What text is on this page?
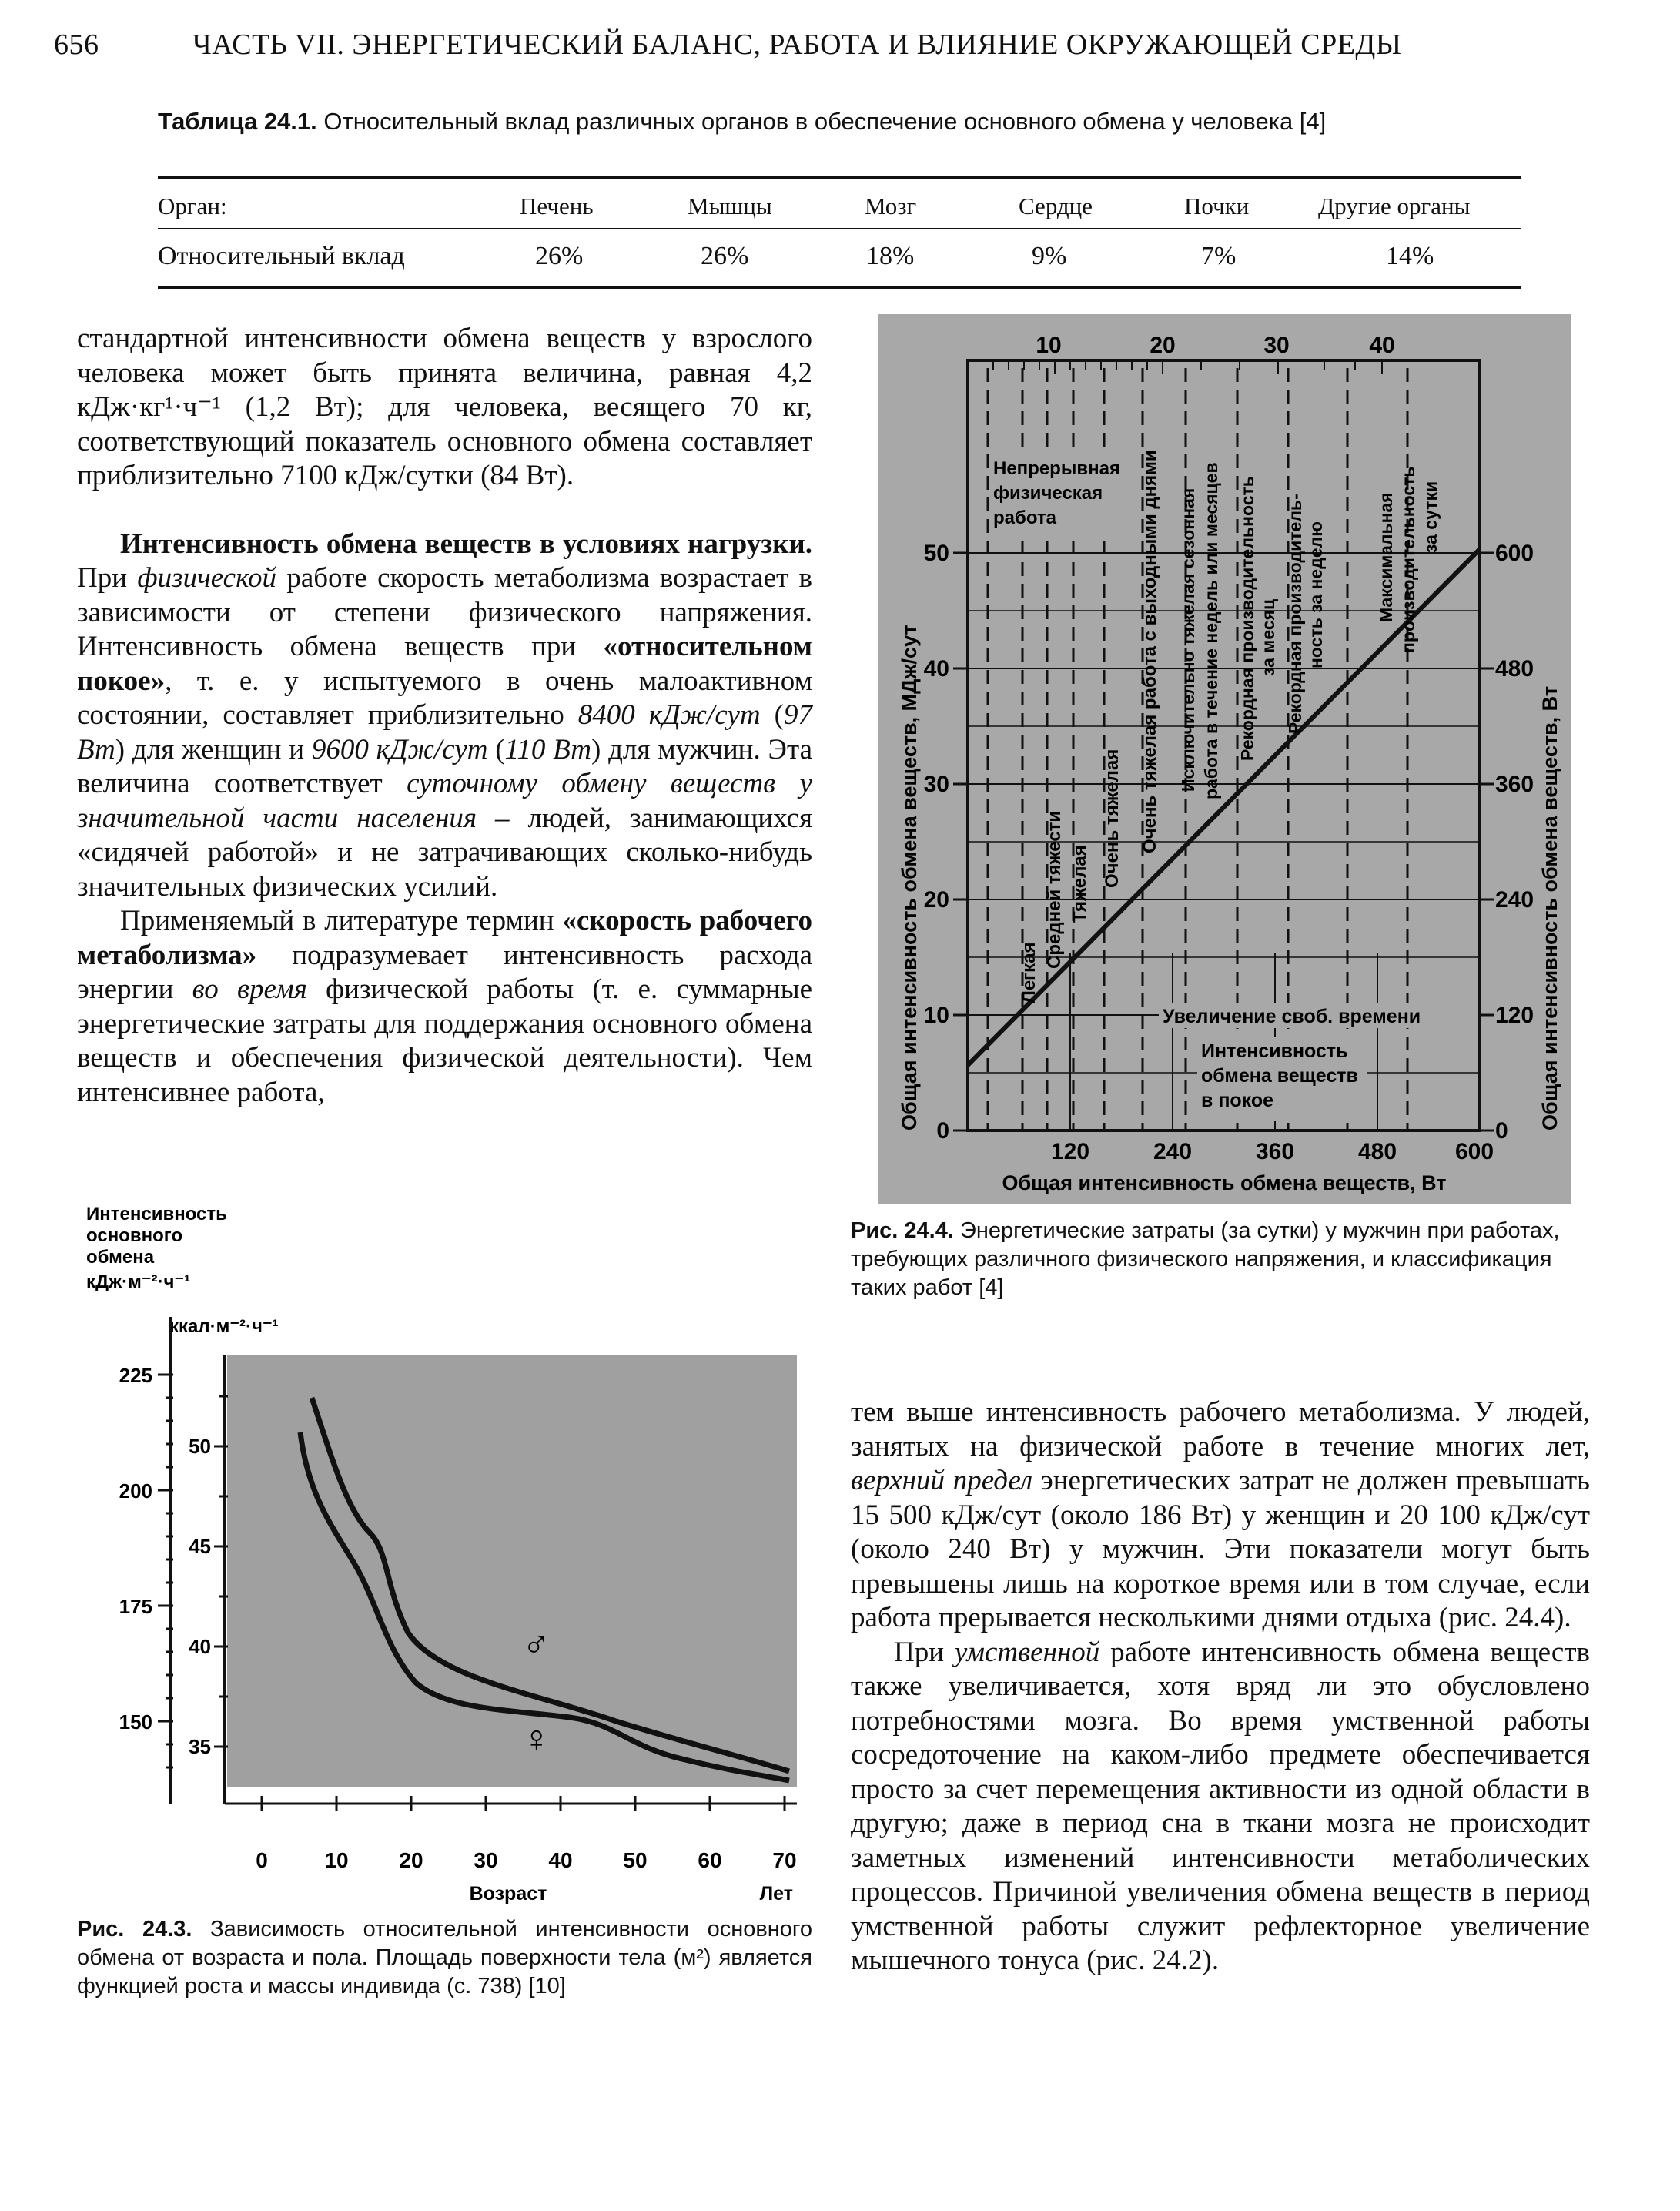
656	ЧАСТЬ VII. ЭНЕРГЕТИЧЕСКИЙ БАЛАНС, РАБОТА И ВЛИЯНИЕ ОКРУЖАЮЩЕЙ СРЕДЫ
Таблица 24.1. Относительный вклад различных органов в обеспечение основного обмена у человека [4]
Орган:	Печень	Мышцы	Мозг	Сердце	Почки	Другие органы
Относительный вклад	26%	26%	18%	9%	7%	14%

стандартной интенсивности обмена веществ у взрослого человека может быть принята величина, равная 4,2 кДж·кг¹·ч⁻¹ (1,2 Вт); для человека, весящего 70 кг, соответствующий показатель основного обмена составляет приблизительно 7100 кДж/сутки (84 Вт).

Интенсивность обмена веществ в условиях нагрузки. При физической работе скорость метаболизма возрастает в зависимости от степени физического напряжения. Интенсивность обмена веществ при «относительном покое», т. е. у испытуемого в очень малоактивном состоянии, составляет приблизительно 8400 кДж/сут (97 Вт) для женщин и 9600 кДж/сут (110 Вт) для мужчин. Эта величина соответствует суточному обмену веществ у значительной части населения – людей, занимающихся «сидячей работой» и не затрачивающих сколько-нибудь значительных физических усилий.

Применяемый в литературе термин «скорость рабочего метаболизма» подразумевает интенсивность расхода энергии во время физической работы (т. е. суммарные энергетические затраты для поддержания основного обмена веществ и обеспечения физической деятельности). Чем интенсивнее работа,

10	20	30	40
0
10
20
30
40
50
0
120
240
360
480
600
120	240	360	480	600
Общая интенсивность обмена веществ, Вт
Общая интенсивность обмена веществ, МДж/сут	Общая интенсивность обмена веществ, Вт
Непрерывная
физическая
работа
Легкая
Средней тяжести Тяжелая Очень тяжелая Очень тяжелая работа с выходными днями Исключительно тяжелая сезонная работа в течение недель или месяцев Рекордная производительность за месяц Рекордная производитель- ность за неделю	Максимальная производительность за сутки
Увеличение своб. времени
Интенсивность
обмена веществ
в покое
Рис. 24.4. Энергетические затраты (за сутки) у мужчин при работах, требующих различного физического напряжения, и классификация таких работ [4]

тем выше интенсивность рабочего метаболизма. У людей, занятых на физической работе в течение многих лет, верхний предел энергетических затрат не должен превышать 15 500 кДж/сут (около 186 Вт) у женщин и 20 100 кДж/сут (около 240 Вт) у мужчин. Эти показатели могут быть превышены лишь на короткое время или в том случае, если работа прерывается несколькими днями отдыха (рис. 24.4).

При умственной работе интенсивность обмена веществ также увеличивается, хотя вряд ли это обусловлено потребностями мозга. Во время умственной работы сосредоточение на каком-либо предмете обеспечивается просто за счет перемещения активности из одной области в другую; даже в период сна в ткани мозга не происходит заметных изменений интенсивности метаболических процессов. Причиной увеличения обмена веществ в период умственной работы служит рефлекторное увеличение мышечного тонуса (рис. 24.2).

Интенсивность
основного
обмена
кДж·м⁻²·ч⁻¹
ккал·м⁻²·ч⁻¹
225
200
175
150
50
45
40
35
0	10 20 30 40 50 60 70
Возраст	Лет
♂
♀
Рис. 24.3. Зависимость относительной интенсивности основного обмена от возраста и пола. Площадь поверхности тела (м²) является функцией роста и массы индивида (с. 738) [10]
